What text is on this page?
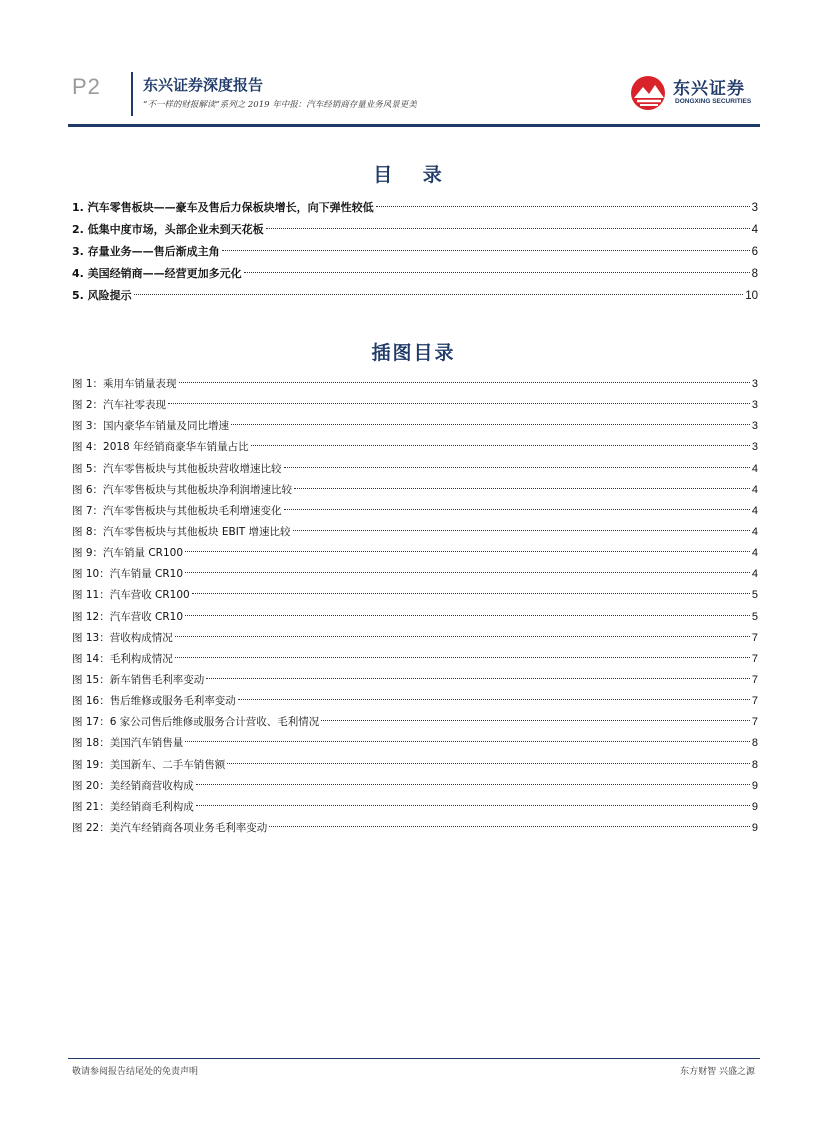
P2	东兴证券深度报告
“不一样的财报解读”系列之 2019 年中报：汽车经销商存量业务风景更美
东兴证券
DONGXING SECURITIES
目 录
1. 汽车零售板块——豪车及售后力保板块增长，向下弹性较低	3
2. 低集中度市场，头部企业未到天花板	4
3. 存量业务——售后渐成主角	6
4. 美国经销商——经营更加多元化	8
5. 风险提示	10
插图目录
图 1：乘用车销量表现	3
图 2：汽车社零表现	3
图 3：国内豪华车销量及同比增速	3
图 4：2018 年经销商豪华车销量占比	3
图 5：汽车零售板块与其他板块营收增速比较	4
图 6：汽车零售板块与其他板块净利润增速比较	4
图 7：汽车零售板块与其他板块毛利增速变化	4
图 8：汽车零售板块与其他板块 EBIT 增速比较	4
图 9：汽车销量 CR100	4
图 10：汽车销量 CR10	4
图 11：汽车营收 CR100	5
图 12：汽车营收 CR10	5
图 13：营收构成情况	7
图 14：毛利构成情况	7
图 15：新车销售毛利率变动	7
图 16：售后维修或服务毛利率变动	7
图 17：6 家公司售后维修或服务合计营收、毛利情况	7
图 18：美国汽车销售量	8
图 19：美国新车、二手车销售额	8
图 20：美经销商营收构成	9
图 21：美经销商毛利构成	9
图 22：美汽车经销商各项业务毛利率变动	9
敬请参阅报告结尾处的免责声明	东方财智 兴盛之源
